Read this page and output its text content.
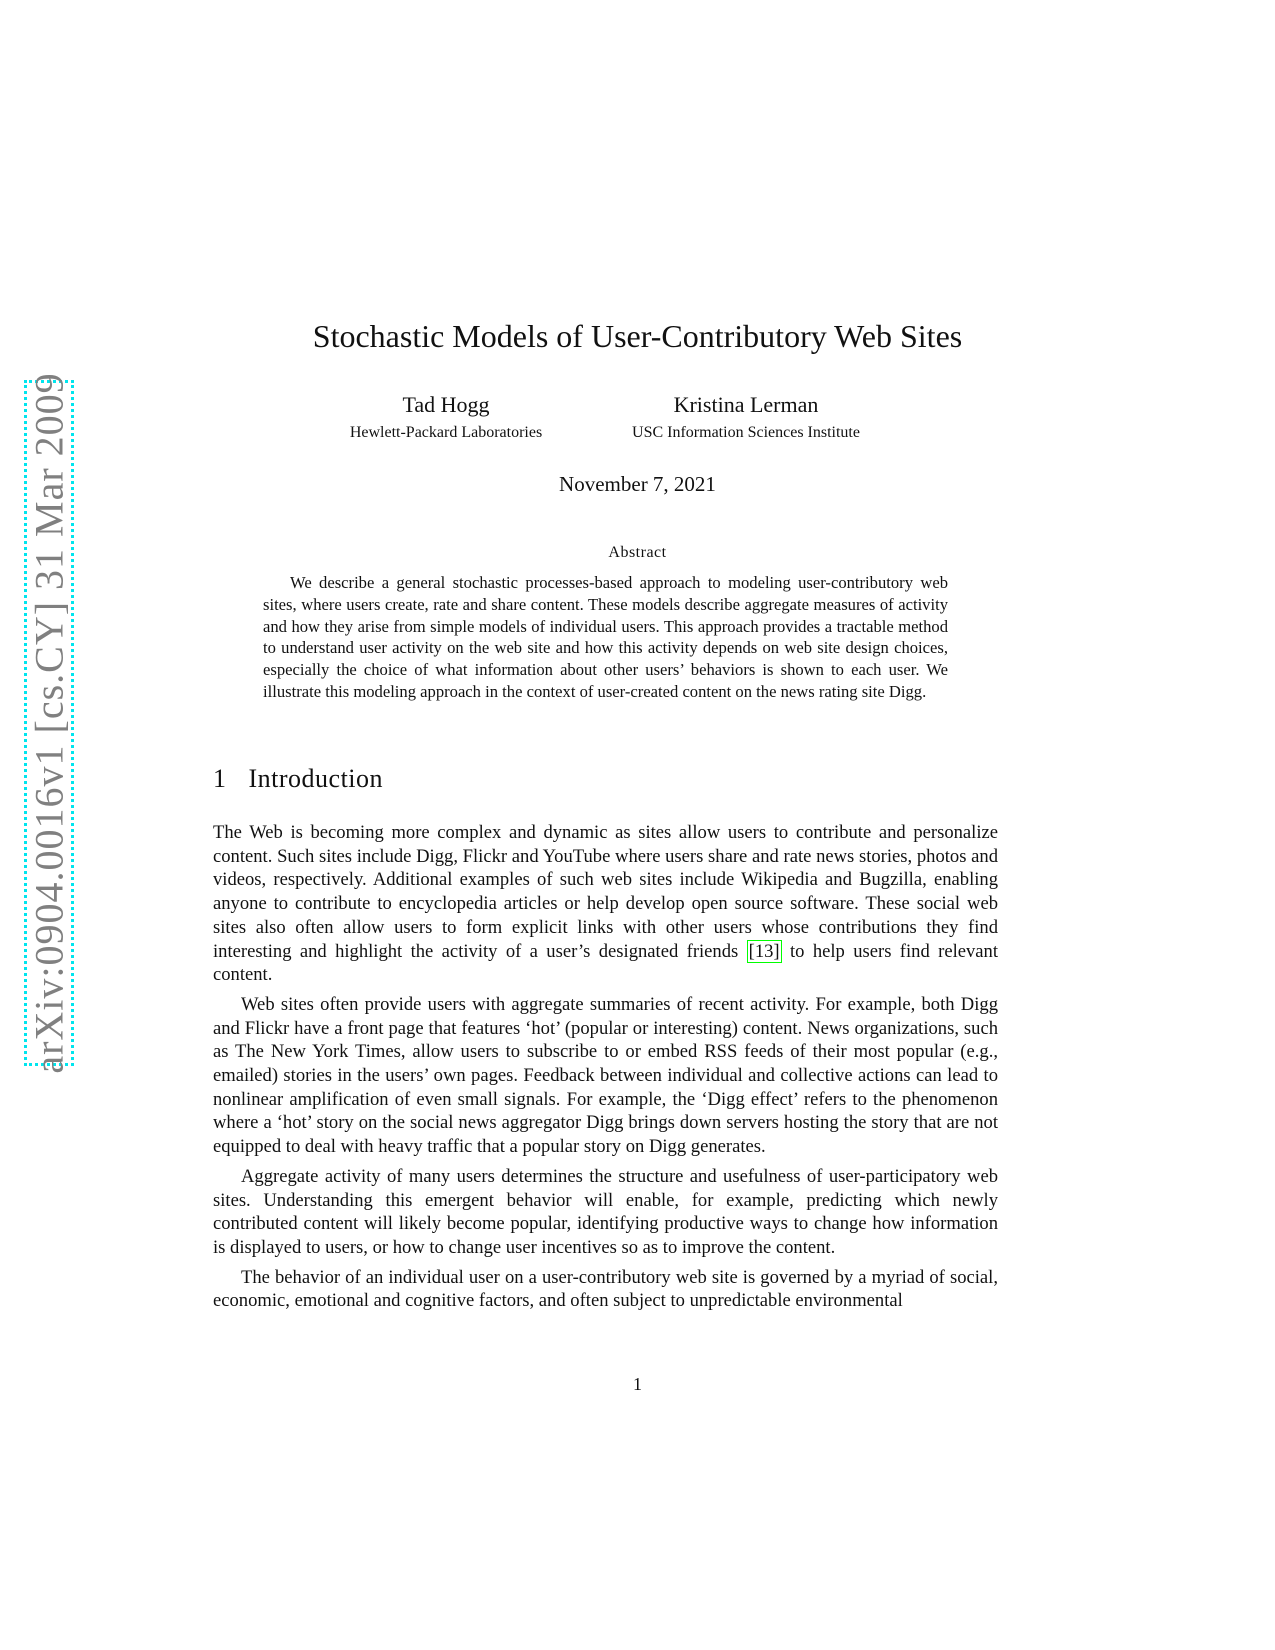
arXiv:0904.0016v1 [cs.CY] 31 Mar 2009
Stochastic Models of User-Contributory Web Sites
Tad Hogg
Hewlett-Packard Laboratories
Kristina Lerman
USC Information Sciences Institute
November 7, 2021
Abstract

We describe a general stochastic processes-based approach to modeling user-contributory web sites, where users create, rate and share content. These models describe aggregate measures of activity and how they arise from simple models of individual users. This approach provides a tractable method to understand user activity on the web site and how this activity depends on web site design choices, especially the choice of what information about other users’ behaviors is shown to each user. We illustrate this modeling approach in the context of user-created content on the news rating site Digg.

1 Introduction

The Web is becoming more complex and dynamic as sites allow users to contribute and personalize content. Such sites include Digg, Flickr and YouTube where users share and rate news stories, photos and videos, respectively. Additional examples of such web sites include Wikipedia and Bugzilla, enabling anyone to contribute to encyclopedia articles or help develop open source software. These social web sites also often allow users to form explicit links with other users whose contributions they find interesting and highlight the activity of a user’s designated friends [13] to help users find relevant content.

Web sites often provide users with aggregate summaries of recent activity. For example, both Digg and Flickr have a front page that features ‘hot’ (popular or interesting) content. News organizations, such as The New York Times, allow users to subscribe to or embed RSS feeds of their most popular (e.g., emailed) stories in the users’ own pages. Feedback between individual and collective actions can lead to nonlinear amplification of even small signals. For example, the ‘Digg effect’ refers to the phenomenon where a ‘hot’ story on the social news aggregator Digg brings down servers hosting the story that are not equipped to deal with heavy traffic that a popular story on Digg generates.

Aggregate activity of many users determines the structure and usefulness of user-participatory web sites. Understanding this emergent behavior will enable, for example, predicting which newly contributed content will likely become popular, identifying productive ways to change how information is displayed to users, or how to change user incentives so as to improve the content.

The behavior of an individual user on a user-contributory web site is governed by a myriad of social, economic, emotional and cognitive factors, and often subject to unpredictable environmental

1
